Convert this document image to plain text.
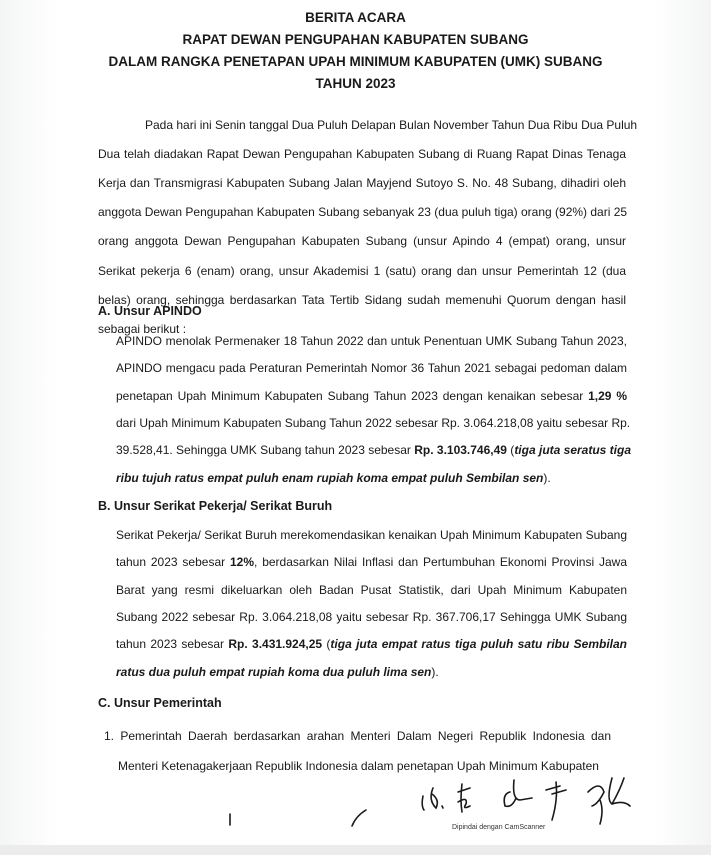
BERITA ACARA
RAPAT DEWAN PENGUPAHAN KABUPATEN SUBANG
DALAM RANGKA PENETAPAN UPAH MINIMUM KABUPATEN (UMK) SUBANG
TAHUN 2023
Pada hari ini Senin tanggal Dua Puluh Delapan Bulan November Tahun Dua Ribu Dua Puluh
Dua telah diadakan Rapat Dewan Pengupahan Kabupaten Subang di Ruang Rapat Dinas Tenaga
Kerja dan Transmigrasi Kabupaten Subang Jalan Mayjend Sutoyo S. No. 48 Subang, dihadiri oleh
anggota Dewan Pengupahan Kabupaten Subang sebanyak 23 (dua puluh tiga) orang (92%) dari 25
orang anggota Dewan Pengupahan Kabupaten Subang (unsur Apindo 4 (empat) orang, unsur
Serikat pekerja 6 (enam) orang, unsur Akademisi 1 (satu) orang dan unsur Pemerintah 12 (dua
belas) orang, sehingga berdasarkan Tata Tertib Sidang sudah memenuhi Quorum dengan hasil
sebagai berikut :
A. Unsur APINDO
APINDO menolak Permenaker 18 Tahun 2022 dan untuk Penentuan UMK Subang Tahun 2023,
APINDO mengacu pada Peraturan Pemerintah Nomor 36 Tahun 2021 sebagai pedoman dalam
penetapan Upah Minimum Kabupaten Subang Tahun 2023 dengan kenaikan sebesar 1,29 %
dari Upah Minimum Kabupaten Subang Tahun 2022 sebesar Rp. 3.064.218,08 yaitu sebesar Rp.
39.528,41. Sehingga UMK Subang tahun 2023 sebesar Rp. 3.103.746,49 (tiga juta seratus tiga
ribu tujuh ratus empat puluh enam rupiah koma empat puluh Sembilan sen).
B. Unsur Serikat Pekerja/ Serikat Buruh
Serikat Pekerja/ Serikat Buruh merekomendasikan kenaikan Upah Minimum Kabupaten Subang
tahun 2023 sebesar 12%, berdasarkan Nilai Inflasi dan Pertumbuhan Ekonomi Provinsi Jawa
Barat yang resmi dikeluarkan oleh Badan Pusat Statistik, dari Upah Minimum Kabupaten
Subang 2022 sebesar Rp. 3.064.218,08 yaitu sebesar Rp. 367.706,17 Sehingga UMK Subang
tahun 2023 sebesar Rp. 3.431.924,25 (tiga juta empat ratus tiga puluh satu ribu Sembilan
ratus dua puluh empat rupiah koma dua puluh lima sen).
C. Unsur Pemerintah
1. Pemerintah Daerah berdasarkan arahan Menteri Dalam Negeri Republik Indonesia dan
Menteri Ketenagakerjaan Republik Indonesia dalam penetapan Upah Minimum Kabupaten
Dipindai dengan CamScanner
